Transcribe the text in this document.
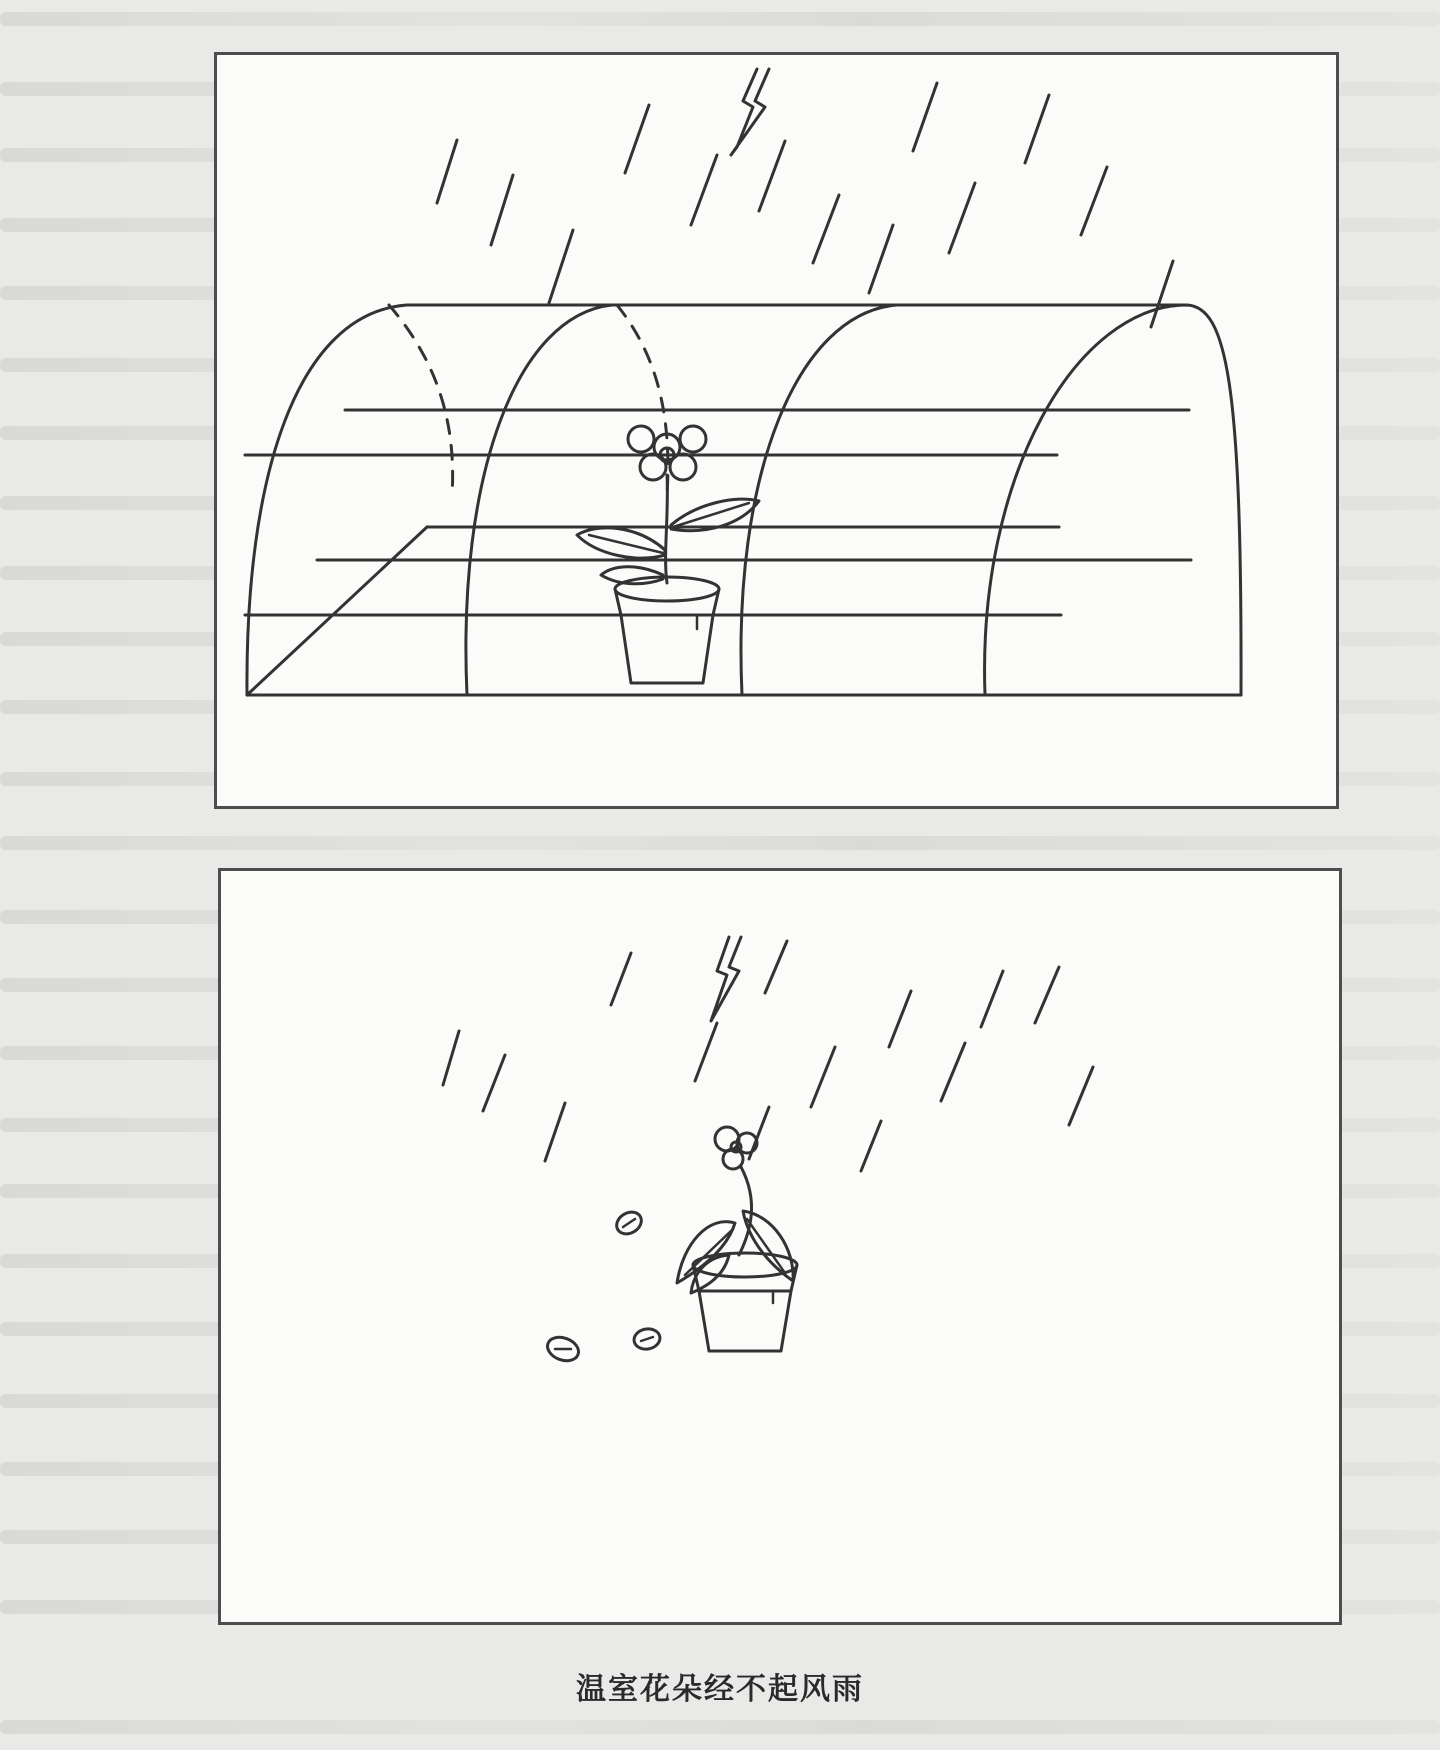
温室花朵经不起风雨
